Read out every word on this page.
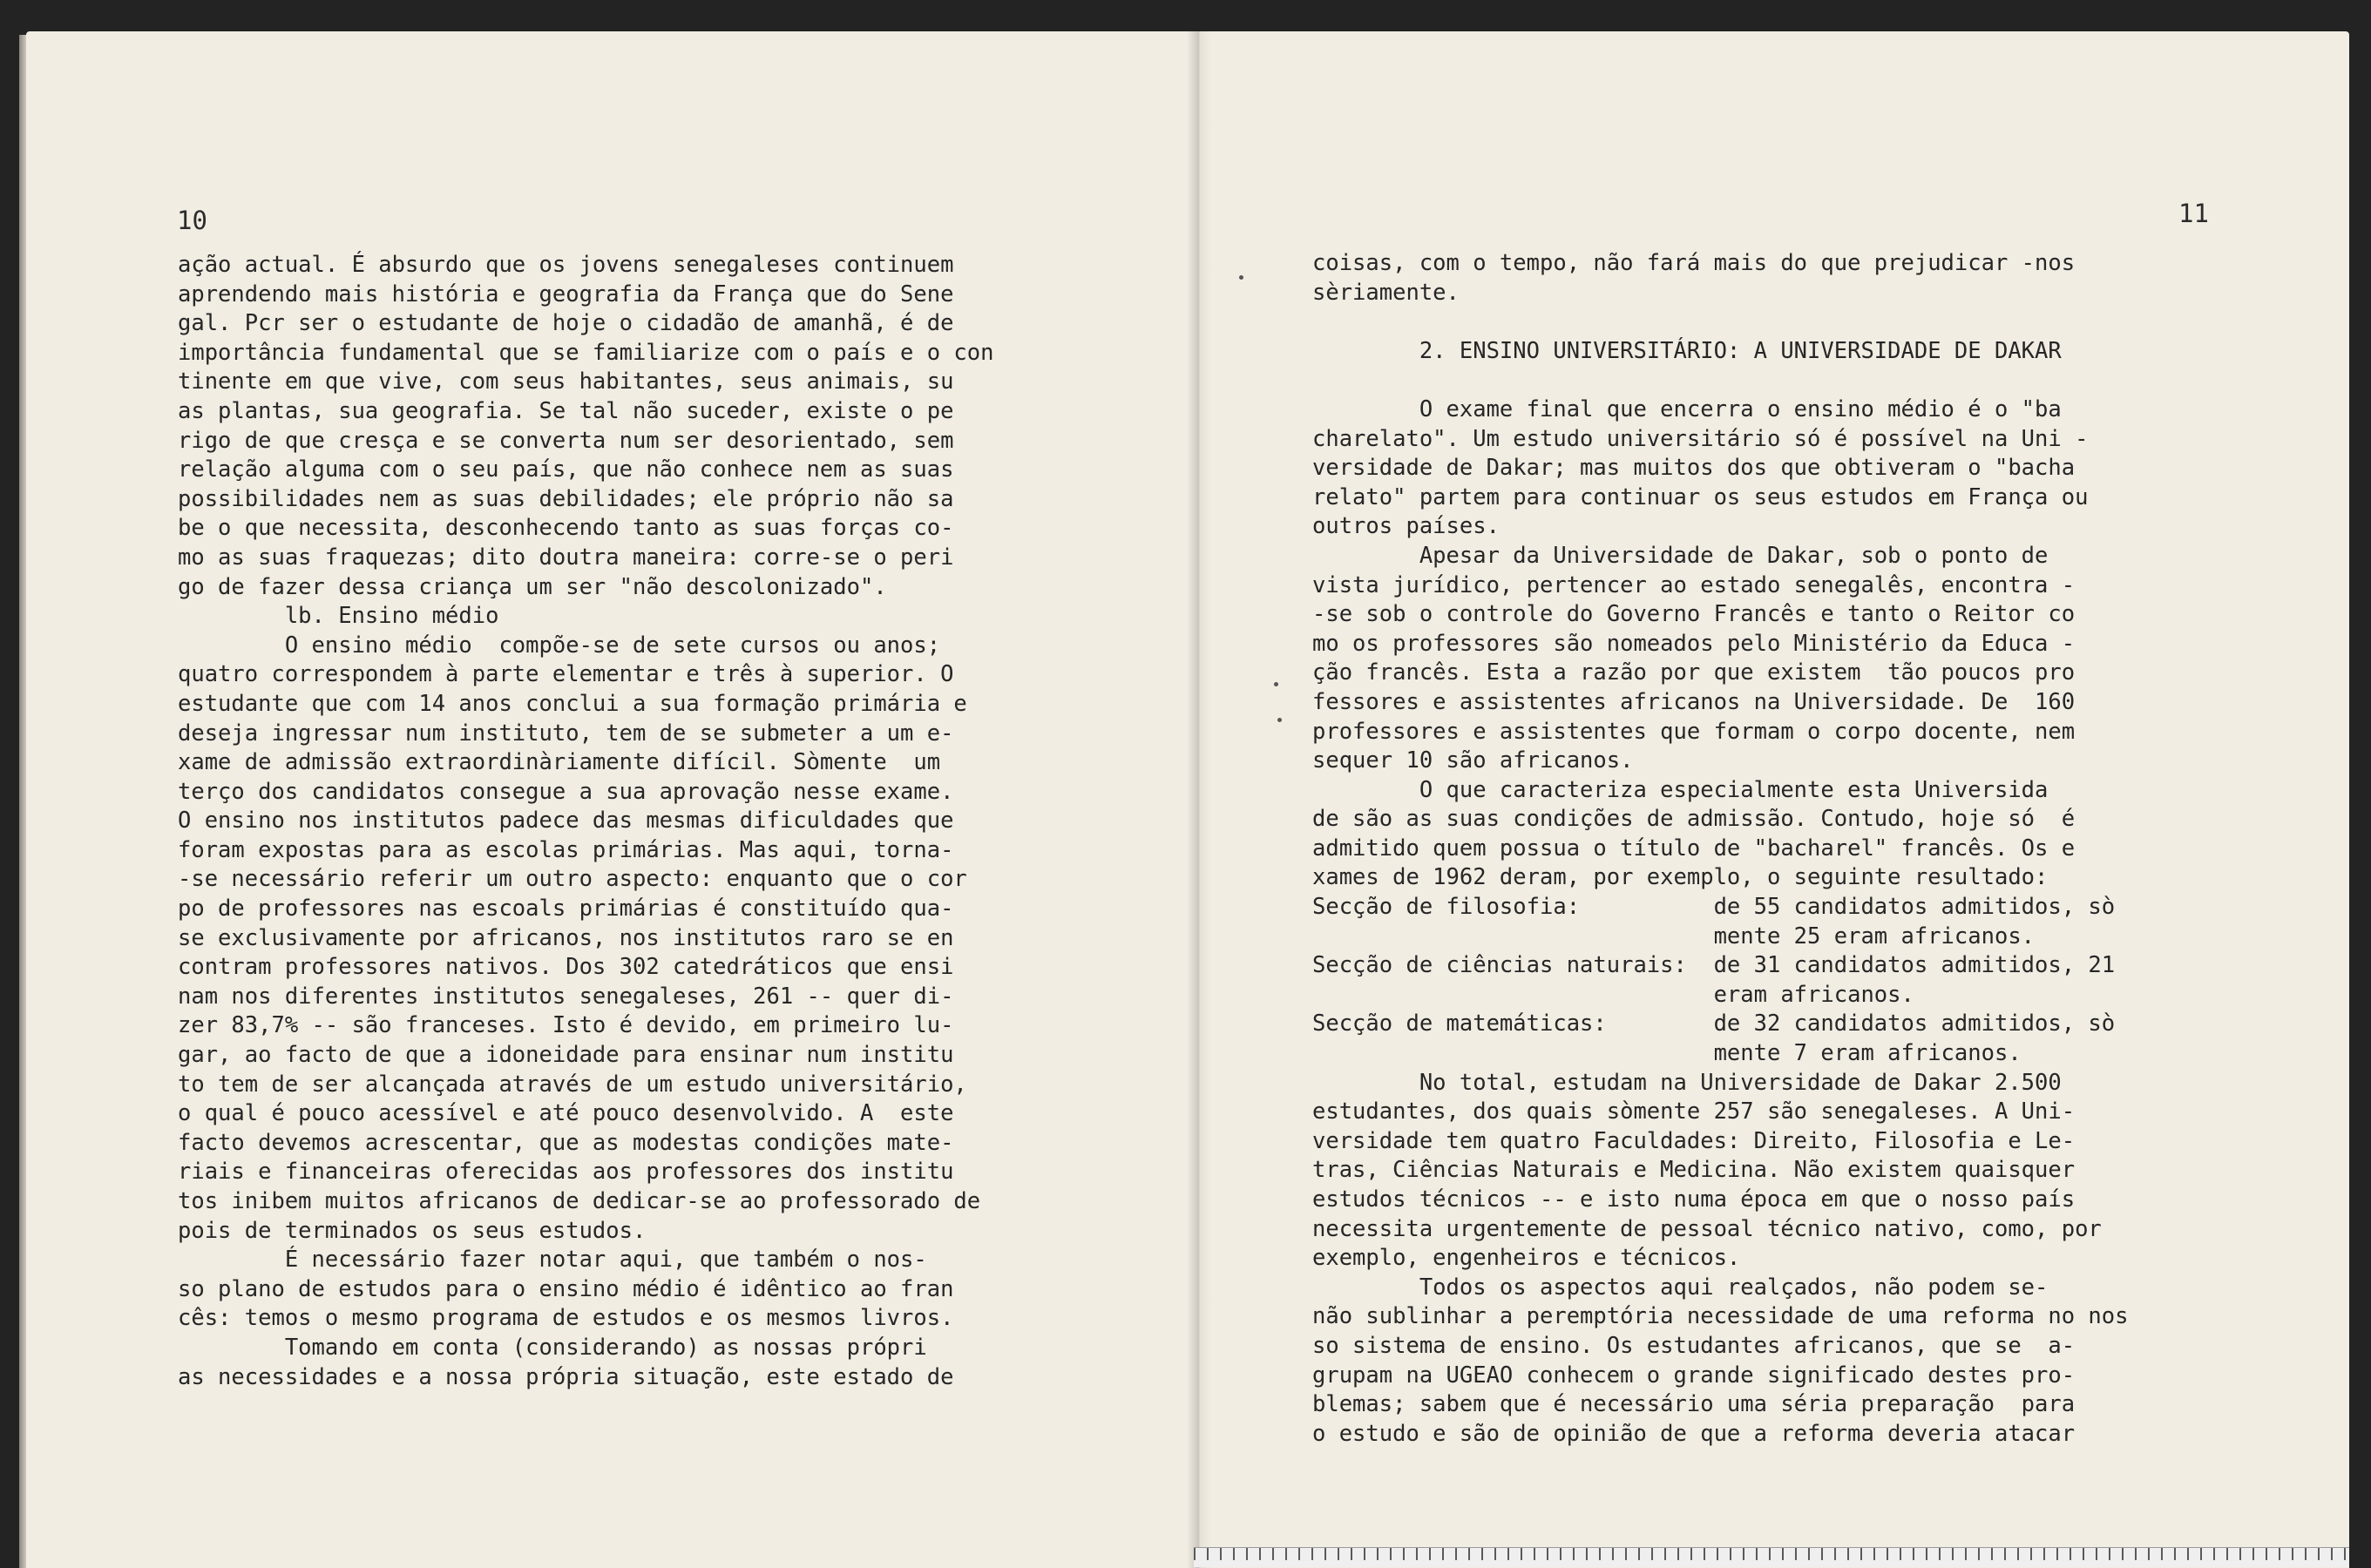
10	11
ação actual. É absurdo que os jovens senegaleses continuem
aprendendo mais história e geografia da França que do Sene
gal. Pcr ser o estudante de hoje o cidadão de amanhã, é de
importância fundamental que se familiarize com o país e o con
tinente em que vive, com seus habitantes, seus animais, su
as plantas, sua geografia. Se tal não suceder, existe o pe
rigo de que cresça e se converta num ser desorientado, sem
relação alguma com o seu país, que não conhece nem as suas
possibilidades nem as suas debilidades; ele próprio não sa
be o que necessita, desconhecendo tanto as suas forças co-
mo as suas fraquezas; dito doutra maneira: corre-se o peri
go de fazer dessa criança um ser "não descolonizado".
lb. Ensino médio
O ensino médio  compõe-se de sete cursos ou anos;
quatro correspondem à parte elementar e três à superior. O
estudante que com 14 anos conclui a sua formação primária e
deseja ingressar num instituto, tem de se submeter a um e-
xame de admissão extraordinàriamente difícil. Sòmente  um
terço dos candidatos consegue a sua aprovação nesse exame.
O ensino nos institutos padece das mesmas dificuldades que
foram expostas para as escolas primárias. Mas aqui, torna-
-se necessário referir um outro aspecto: enquanto que o cor
po de professores nas escoals primárias é constituído qua-
se exclusivamente por africanos, nos institutos raro se en
contram professores nativos. Dos 302 catedráticos que ensi
nam nos diferentes institutos senegaleses, 261 -- quer di-
zer 83,7% -- são franceses. Isto é devido, em primeiro lu-
gar, ao facto de que a idoneidade para ensinar num institu
to tem de ser alcançada através de um estudo universitário,
o qual é pouco acessível e até pouco desenvolvido. A  este
facto devemos acrescentar, que as modestas condições mate-
riais e financeiras oferecidas aos professores dos institu
tos inibem muitos africanos de dedicar-se ao professorado de
pois de terminados os seus estudos.
É necessário fazer notar aqui, que também o nos-
so plano de estudos para o ensino médio é idêntico ao fran
cês: temos o mesmo programa de estudos e os mesmos livros.
Tomando em conta (considerando) as nossas própri
as necessidades e a nossa própria situação, este estado de
coisas, com o tempo, não fará mais do que prejudicar -nos
sèriamente.
2. ENSINO UNIVERSITÁRIO: A UNIVERSIDADE DE DAKAR
O exame final que encerra o ensino médio é o "ba
charelato". Um estudo universitário só é possível na Uni -
versidade de Dakar; mas muitos dos que obtiveram o "bacha
relato" partem para continuar os seus estudos em França ou
outros países.
Apesar da Universidade de Dakar, sob o ponto de
vista jurídico, pertencer ao estado senegalês, encontra -
-se sob o controle do Governo Francês e tanto o Reitor co
mo os professores são nomeados pelo Ministério da Educa -
ção francês. Esta a razão por que existem  tão poucos pro
fessores e assistentes africanos na Universidade. De  160
professores e assistentes que formam o corpo docente, nem
sequer 10 são africanos.
O que caracteriza especialmente esta Universida
de são as suas condições de admissão. Contudo, hoje só  é
admitido quem possua o título de "bacharel" francês. Os e
xames de 1962 deram, por exemplo, o seguinte resultado:
Secção de filosofia:          de 55 candidatos admitidos, sò
mente 25 eram africanos.
Secção de ciências naturais:  de 31 candidatos admitidos, 21
eram africanos.
Secção de matemáticas:        de 32 candidatos admitidos, sò
mente 7 eram africanos.
No total, estudam na Universidade de Dakar 2.500
estudantes, dos quais sòmente 257 são senegaleses. A Uni-
versidade tem quatro Faculdades: Direito, Filosofia e Le-
tras, Ciências Naturais e Medicina. Não existem quaisquer
estudos técnicos -- e isto numa época em que o nosso país
necessita urgentemente de pessoal técnico nativo, como, por
exemplo, engenheiros e técnicos.
Todos os aspectos aqui realçados, não podem se-
não sublinhar a peremptória necessidade de uma reforma no nos
so sistema de ensino. Os estudantes africanos, que se  a-
grupam na UGEAO conhecem o grande significado destes pro-
blemas; sabem que é necessário uma séria preparação  para
o estudo e são de opinião de que a reforma deveria atacar
